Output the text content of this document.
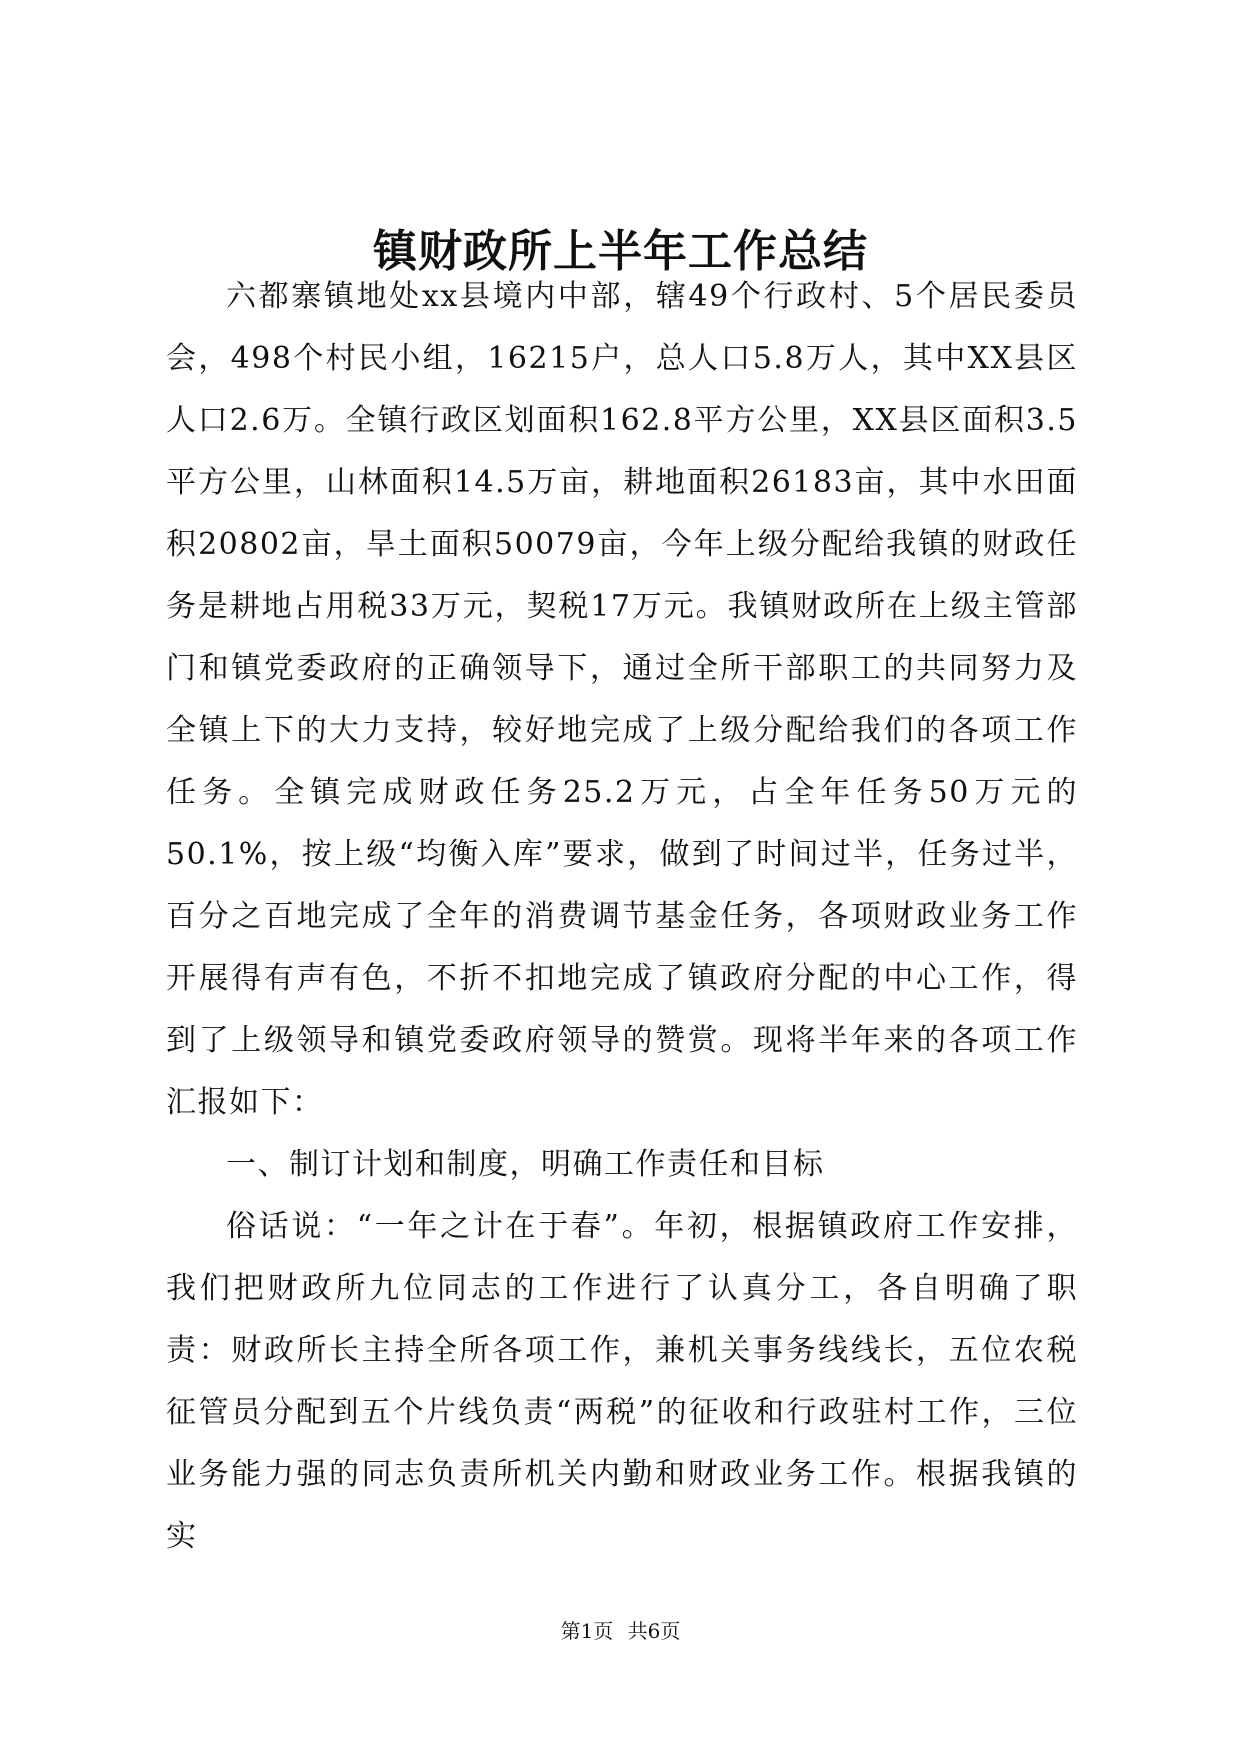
镇财政所上半年工作总结

六都寨镇地处xx县境内中部，辖49个行政村、5个居民委员会，498个村民小组，16215户，总人口5.8万人，其中XX县区人口2.6万。全镇行政区划面积162.8平方公里，XX县区面积3.5平方公里，山林面积14.5万亩，耕地面积26183亩，其中水田面积20802亩，旱土面积50079亩，今年上级分配给我镇的财政任务是耕地占用税33万元，契税17万元。我镇财政所在上级主管部门和镇党委政府的正确领导下，通过全所干部职工的共同努力及全镇上下的大力支持，较好地完成了上级分配给我们的各项工作任务。全镇完成财政任务25.2万元，占全年任务50万元的50.1%，按上级“均衡入库”要求，做到了时间过半，任务过半，百分之百地完成了全年的消费调节基金任务，各项财政业务工作开展得有声有色，不折不扣地完成了镇政府分配的中心工作，得到了上级领导和镇党委政府领导的赞赏。现将半年来的各项工作汇报如下：

一、制订计划和制度，明确工作责任和目标

俗话说：“一年之计在于春”。年初，根据镇政府工作安排，我们把财政所九位同志的工作进行了认真分工，各自明确了职责：财政所长主持全所各项工作，兼机关事务线线长，五位农税征管员分配到五个片线负责“两税”的征收和行政驻村工作，三位业务能力强的同志负责所机关内勤和财政业务工作。根据我镇的实

第1页 共6页
